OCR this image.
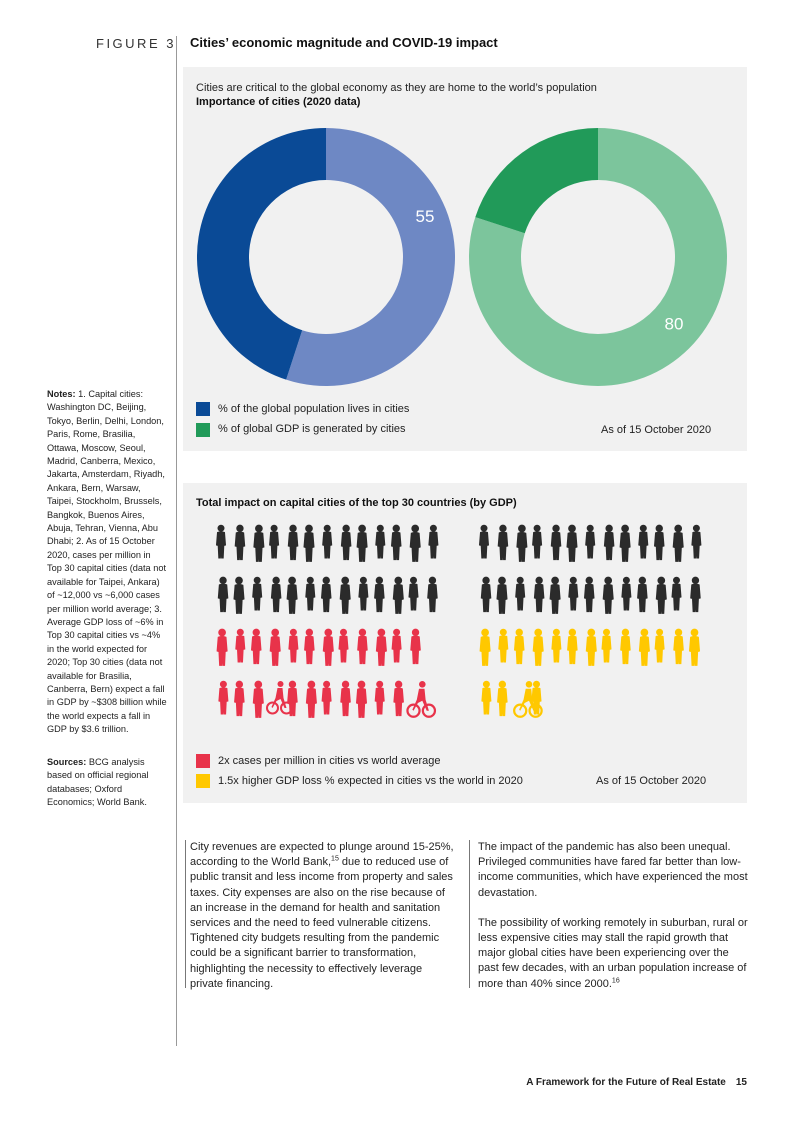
FIGURE 3 Cities’ economic magnitude and COVID-19 impact
Cities are critical to the global economy as they are home to the world’s population
Importance of cities (2020 data)
55
80
% of the global population lives in cities
% of global GDP is generated by cities	As of 15 October 2020
Total impact on capital cities of the top 30 countries (by GDP)
2x cases per million in cities vs world average
1.5x higher GDP loss % expected in cities vs the world in 2020	As of 15 October 2020
Notes: 1. Capital cities: Washington DC, Beijing, Tokyo, Berlin, Delhi, London, Paris, Rome, Brasilia, Ottawa, Moscow, Seoul, Madrid, Canberra, Mexico, Jakarta, Amsterdam, Riyadh, Ankara, Bern, Warsaw, Taipei, Stockholm, Brussels, Bangkok, Buenos Aires, Abuja, Tehran, Vienna, Abu Dhabi; 2. As of 15 October 2020, cases per million in Top 30 capital cities (data not available for Taipei, Ankara) of ~12,000 vs ~6,000 cases per million world average; 3. Average GDP loss of ~6% in Top 30 capital cities vs ~4% in the world expected for 2020; Top 30 cities (data not available for Brasilia, Canberra, Bern) expect a fall in GDP by ~$308 billion while the world expects a fall in GDP by $3.6 trillion.
Sources: BCG analysis based on official regional databases; Oxford Economics; World Bank.

City revenues are expected to plunge around 15-25%, according to the World Bank,$^{15}$ due to reduced use of public transit and less income from property and sales taxes. City expenses are also on the rise because of an increase in the demand for health and sanitation services and the need to feed vulnerable citizens. Tightened city budgets resulting from the pandemic could be a significant barrier to transformation, highlighting the necessity to effectively leverage private financing.

The impact of the pandemic has also been unequal. Privileged communities have fared far better than low-income communities, which have experienced the most devastation.

The possibility of working remotely in suburban, rural or less expensive cities may stall the rapid growth that major global cities have been experiencing over the past few decades, with an urban population increase of more than 40% since 2000.16

A Framework for the Future of Real Estate 15
